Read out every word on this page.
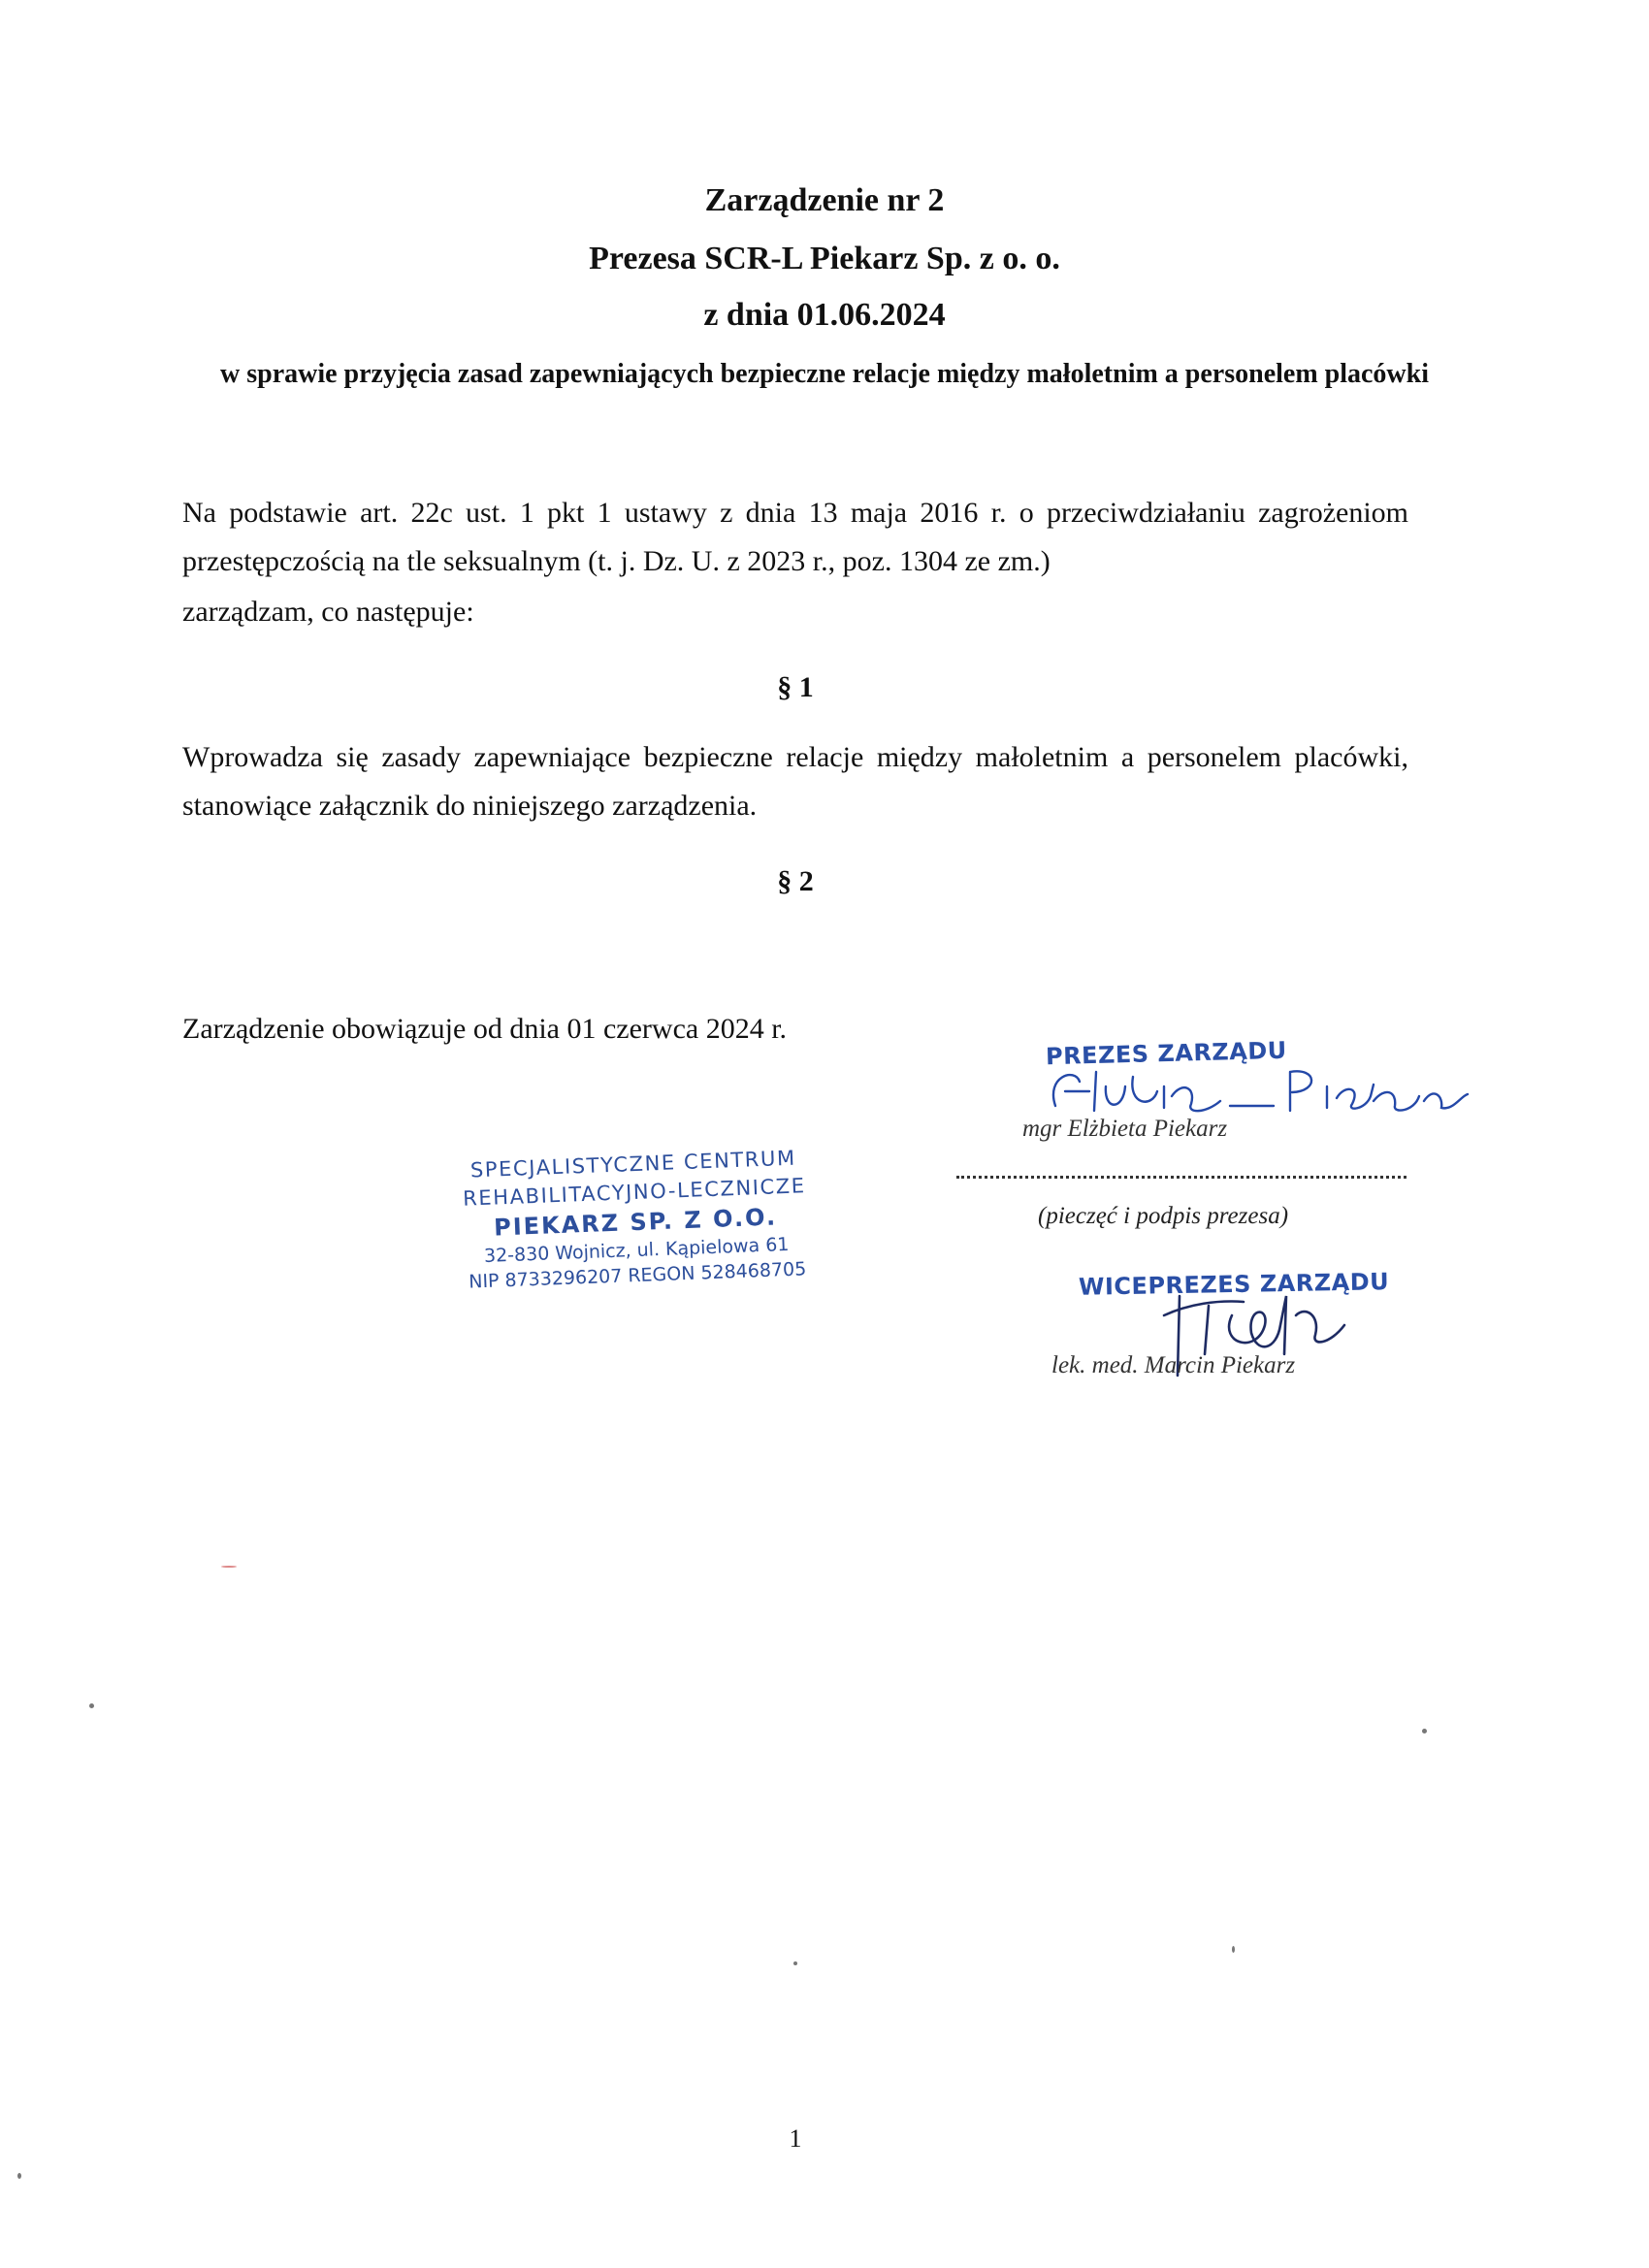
Zarządzenie nr 2
Prezesa SCR-L Piekarz Sp. z o. o.
z dnia 01.06.2024
w sprawie przyjęcia zasad zapewniających bezpieczne relacje między małoletnim a personelem placówki
Na podstawie art. 22c ust. 1 pkt 1 ustawy z dnia 13 maja 2016 r. o przeciwdziałaniu zagrożeniom przestępczością na tle seksualnym (t. j. Dz. U. z 2023 r., poz. 1304 ze zm.)
zarządzam, co następuje:
§ 1
Wprowadza się zasady zapewniające bezpieczne relacje między małoletnim a personelem placówki, stanowiące załącznik do niniejszego zarządzenia.
§ 2
Zarządzenie obowiązuje od dnia 01 czerwca 2024 r.
SPECJALISTYCZNE CENTRUM
REHABILITACYJNO-LECZNICZE
PIEKARZ SP. Z O.O.
32-830 Wojnicz, ul. Kąpielowa 61
NIP 8733296207 REGON 528468705
PREZES ZARZĄDU
mgr Elżbieta Piekarz
(pieczęć i podpis prezesa)
WICEPREZES ZARZĄDU
lek. med. Marcin Piekarz
1
